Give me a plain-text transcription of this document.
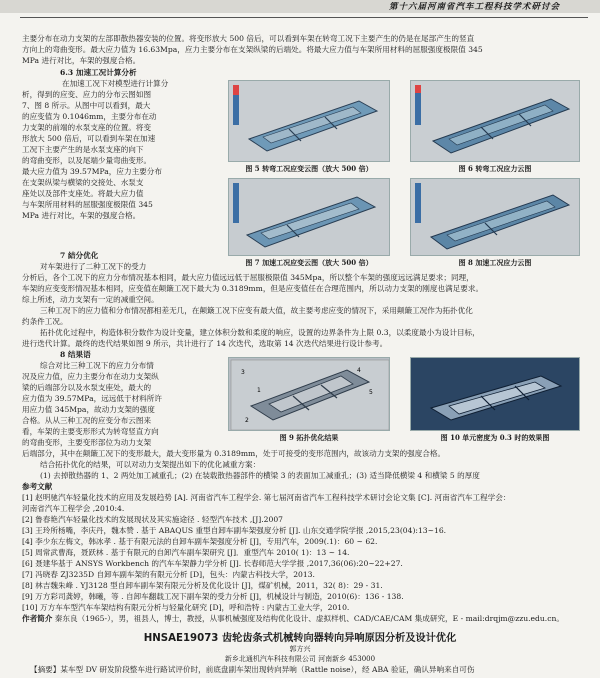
第十六届河南省汽车工程科技学术研讨会
主要分布在动力支架的左部即散热器安装的位置。将变形放大 500 倍后，可以看到车架在转弯工况下主要产生的仍是在尾部产生的竖直
方向上的弯曲变形。最大应力值为 16.63Mpa，应力主要分布在支架纵梁的后端处。将最大应力值与车架所用材料的屈服强度极限值 345
MPa 进行对比，车架的强度合格。
6.3 加速工况计算分析
在加速工况下对模型进行计算分
析，得到的应变、应力的分布云图如图
7、图 8 所示。从图中可以看到，最大
的应变值为 0.1046mm，主要分布在动
力支架的前端的水泵支座的位置。将变
形放大 500 倍后，可以看到车架在加速
工况下主要产生的是水泵支座的向下
的弯曲变形，以及尾端少量弯曲变形。
最大应力值为 39.57MPa，应力主要分布
在支架纵梁与横梁的交接处、水泵支
座处以及部件支座处。将最大应力值
与车架所用材料的屈服强度极限值 345
MPa 进行对比，车架的强度合格。
图 5 转弯工况应变云图（放大 500 倍）	图 6 转弯工况应力云图
图 7 加速工况应变云图（放大 500 倍）	图 8 加速工况应力云图
7 結分优化
对车架进行了二种工况下的受力
分析后，各个工况下的应力分布情况基本相同，最大应力值远远低于屈服极限值 345Mpa，所以整个车架的强度远远满足要求；同理，
车架的应变变形情况基本相同，应变值在颠簸工况下最大为 0.3189mm，但是应变值任在合理范围内，所以动力支架的刚度也满足要求。
综上所述，动力支架有一定的减重空间。
三种工况下的应力值和分布情况都相差无几，在颠簸工况下应变有最大值，故主要考虑应变的情况下，采用颠簸工况作为拓扑优化
约条件工况。
拓扑优化过程中，构造体积分数作为设计变量，建立体积分数和柔度的响应，设置的边界条件为上限 0.3，以柔度最小为设计目标，
进行迭代计算。最终的迭代结果如图 9 所示，共计进行了 14 次迭代，选取第 14 次迭代结果进行设计参考。
8 结果语
综合对比三种工况下的应力分布情
况及应力值，应力主要分布在动力支架纵
梁的后端部分以及水泵支座处，最大的
应力值为 39.57MPa，远远低于材料所许
用应力值 345Mpa，故动力支架的强度
合格。从从三种工况的应变分布云图来
看，车架的主要变形形式为转弯竖直方向
的弯曲变形，主要变形部位为动力支架
3
1
4
5
2
图 9 拓扑优化结果	图 10 单元密度为 0.3 时的效果图
后端部分，其中在颠簸工况下的变形最大，最大变形量为 0.3189mm，处于可接受的变形范围内，故该动力支架的强度合格。
结合拓扑优化的结果，可以对动力支架提出如下的优化减重方案：
(1) 去掉散热器的 1、2 两处加工减重孔；(2) 在装载散热器部件的横梁 3 的表面加工减重孔；(3) 适当降低横梁 4 和横梁 5 的厚度
参考文献
[1] 赵明驰汽车轻量化技术的应用及发展趋势 [A]. 河南省汽车工程学会. 第七届河南省汽车工程科技学术研讨会论文集 [C]. 河南省汽车工程学会：
河南省汽车工程学会 ,2010:4.
[2] 鲁春艳汽车轻量化技术的发展现状及其实施途径 . 轻型汽车技术 ,[J].2007
[3] 王玲所杨嘴，李庆丹，魏本赞 . 基于 ABAQUS 重型自卸车副车架强度分析 [J]. 山东交通学院学报 ,2015,23(04):13~16.
[4] 李少东左梅文，韩冰孝 . 基于有限元法的自卸车副车架强度分析 [J]，专用汽车，2009(.1)：60 ~ 62.
[5] 周常武曹海，聂跃林 . 基于有限元的自卸汽车副车架研究 [J]．重型汽车 2010( 1)：13 ~ 14.
[6] 聂建华基于 ANSYS Workbench 的汽车车架静力学分析 [J]. 长春师范大学学报 ,2017,36(06):20~22+27.
[7] 冯晓春 ZJ3235D 自卸车副车架的有限元分析 [D]，包头：内蒙古科技大学，2013.
[8] 林吉魏朱峰 . YJ3128 型自卸车副车架有限元分析及优化设计 [J]，煤矿机械，2011，32( 8)：29 - 31.
[9] 万方彩司龚婷，韩曦，等 . 自卸车翻载工况下副车架的受力分析 [J]，机械设计与制造，2010(6)：136 - 138.
[10] 万方车车型汽车车架结构有限元分析与轻量化研究 [D]，呼和浩特 : 内蒙古工业大学，2010.
作者简介 秦东良（1965-），男，祖县人，博士，教授，从事机械强度及结构优化设计、虚拟样机、CAD/CAE/CAM 集成研究，E - mail:drqjm@zzu.edu.cn。
HNSAE19073 齿轮齿条式机械转向器转向异响原因分析及设计优化
郭方兴
新乡北通机汽车科技有限公司 河南新乡 453000
【摘要】某车型 DV 研发阶段整车进行路试评价时，前底盘副车架出现转向异响（Rattle noise），经 ABA 验证，确认异响来自可伤
